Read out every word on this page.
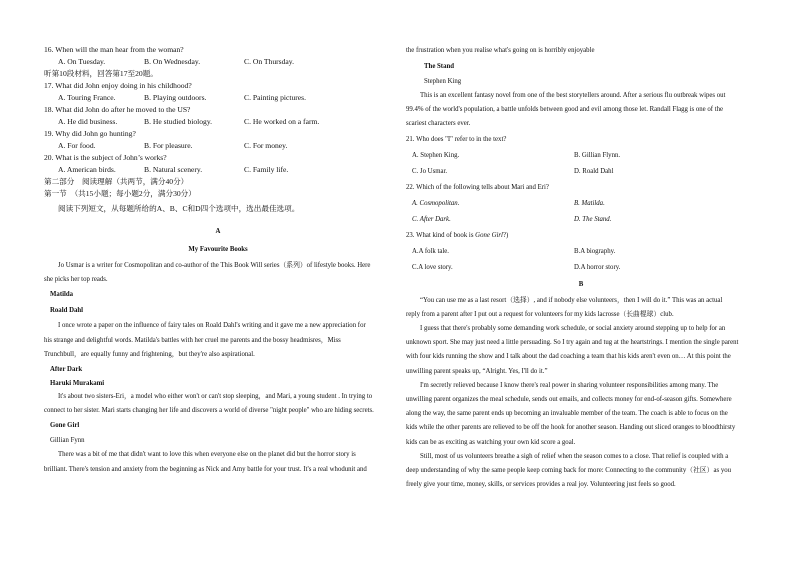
16. When will the man hear from the woman?

A. On Tuesday.	B. On Wednesday.	C. On Thursday.

听第10段材料，回答第17至20题。

17. What did John enjoy doing in his childhood?

A. Touring France.	B. Playing outdoors.	C. Painting pictures.

18. What did John do after he moved to the US?

A. He did business.	B. He studied biology.	C. He worked on a farm.

19. Why did John go hunting?

A. For food.	B. For pleasure.	C. For money.

20. What is the subject of John’s works?

A. American birds.	B. Natural scenery.	C. Family life.

第二部分　阅读理解（共两节，满分40分）

第一节　（共15小题；每小题2分，满分30分）

阅读下列短文，从每题所给的A、B、C和D四个选项中，选出最佳选项。

A

My Favourite Books

Jo Usmar is a writer for Cosmopolitan and co-author of the This Book Will series（系列）of lifestyle books. Here

she picks her top reads.

Matilda

Roald Dahl

I once wrote a paper on the influence of fairy tales on Roald Dahl's writing and it gave me a new appreciation for

his strange and delightful words. Matilda's battles with her cruel me parents and the bossy headmisres，Miss

Trunchbull，are equally funny and frightening，but they're also aspirational.

After Dark

Haruki Murakami

It's about two sisters-Eri，a model who either won't or can't stop sleeping，and Mari, a young student . In trying to

connect to her sister. Mari starts changing her life and discovers a world of diverse "night people" who are hiding secrets.

Gone Girl

Gillian Fynn

There was a bit of me that didn't want to love this when everyone else on the planet did but the horror story is

brilliant. There's tension and anxiety from the beginning as Nick and Amy battle for your trust. It's a real whodunit and

the frustration when you realise what's going on is horribly enjoyable

The Stand

Stephen King

This is an excellent fantasy novel from one of the best storytellers around. After a serious flu outbreak wipes out

99.4% of the world's population, a battle unfolds between good and evil among those let. Randall Flagg is one of the

scariest characters ever.

21. Who does "I" refer to in the text?

A. Stephen King.	B. Gillian Flynn.
C. Jo Usmar.	D. Roald Dahl

22. Which of the following tells about Mari and Eri?

A. Cosmopolitan.	B. Matilda.
C. After Dark.	D. The Stand.

23. What kind of book is Gone Girl?)

A.A folk tale.	B.A biography.
C.A love story.	D.A horror story.

B

“You can use me as a last resort（选择）, and if nobody else volunteers，then I will do it.” This was an actual

reply from a parent after I put out a request for volunteers for my kids lacrosse（长曲棍球）club.

I guess that there's probably some demanding work schedule, or social anxiety around stepping up to help for an

unknown sport. She may just need a little persuading. So I try again and tug at the heartstrings. I mention the single parent

with four kids running the show and I talk about the dad coaching a team that his kids aren't even on… At this point the

unwilling parent speaks up, “Alright. Yes, I'll do it.”

I'm secretly relieved because I know there's real power in sharing volunteer responsibilities among many. The

unwilling parent organizes the meal schedule, sends out emails, and collects money for end-of-season gifts. Somewhere

along the way, the same parent ends up becoming an invaluable member of the team. The coach is able to focus on the

kids while the other parents are relieved to be off the hook for another season. Handing out sliced oranges to bloodthirsty

kids can be as exciting as watching your own kid score a goal.

Still, most of us volunteers breathe a sigh of relief when the season comes to a close. That relief is coupled with a

deep understanding of why the same people keep coming back for more: Connecting to the community（社区）as you

freely give your time, money, skills, or services provides a real joy. Volunteering just feels so good.
